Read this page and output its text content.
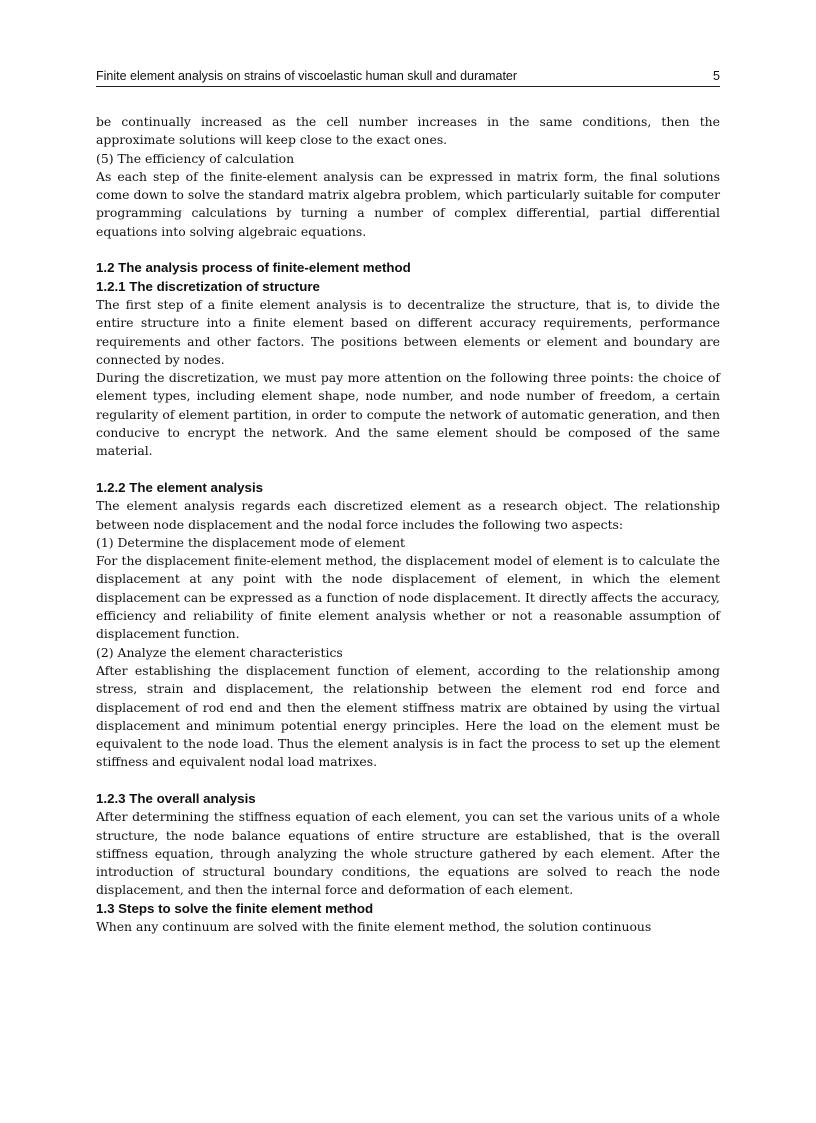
Finite element analysis on strains of viscoelastic human skull and duramater	5

be continually increased as the cell number increases in the same conditions, then the approximate solutions will keep close to the exact ones.

(5) The efficiency of calculation

As each step of the finite-element analysis can be expressed in matrix form, the final solutions come down to solve the standard matrix algebra problem, which particularly suitable for computer programming calculations by turning a number of complex differential, partial differential equations into solving algebraic equations.

1.2 The analysis process of finite-element method

1.2.1 The discretization of structure

The first step of a finite element analysis is to decentralize the structure, that is, to divide the entire structure into a finite element based on different accuracy requirements, performance requirements and other factors. The positions between elements or element and boundary are connected by nodes.

During the discretization, we must pay more attention on the following three points: the choice of element types, including element shape, node number, and node number of freedom, a certain regularity of element partition, in order to compute the network of automatic generation, and then conducive to encrypt the network. And the same element should be composed of the same material.

1.2.2 The element analysis

The element analysis regards each discretized element as a research object. The relationship between node displacement and the nodal force includes the following two aspects:

(1) Determine the displacement mode of element

For the displacement finite-element method, the displacement model of element is to calculate the displacement at any point with the node displacement of element, in which the element displacement can be expressed as a function of node displacement. It directly affects the accuracy, efficiency and reliability of finite element analysis whether or not a reasonable assumption of displacement function.

(2) Analyze the element characteristics

After establishing the displacement function of element, according to the relationship among stress, strain and displacement, the relationship between the element rod end force and displacement of rod end and then the element stiffness matrix are obtained by using the virtual displacement and minimum potential energy principles. Here the load on the element must be equivalent to the node load. Thus the element analysis is in fact the process to set up the element stiffness and equivalent nodal load matrixes.

1.2.3 The overall analysis

After determining the stiffness equation of each element, you can set the various units of a whole structure, the node balance equations of entire structure are established, that is the overall stiffness equation, through analyzing the whole structure gathered by each element. After the introduction of structural boundary conditions, the equations are solved to reach the node displacement, and then the internal force and deformation of each element.

1.3 Steps to solve the finite element method

When any continuum are solved with the finite element method, the solution continuous
